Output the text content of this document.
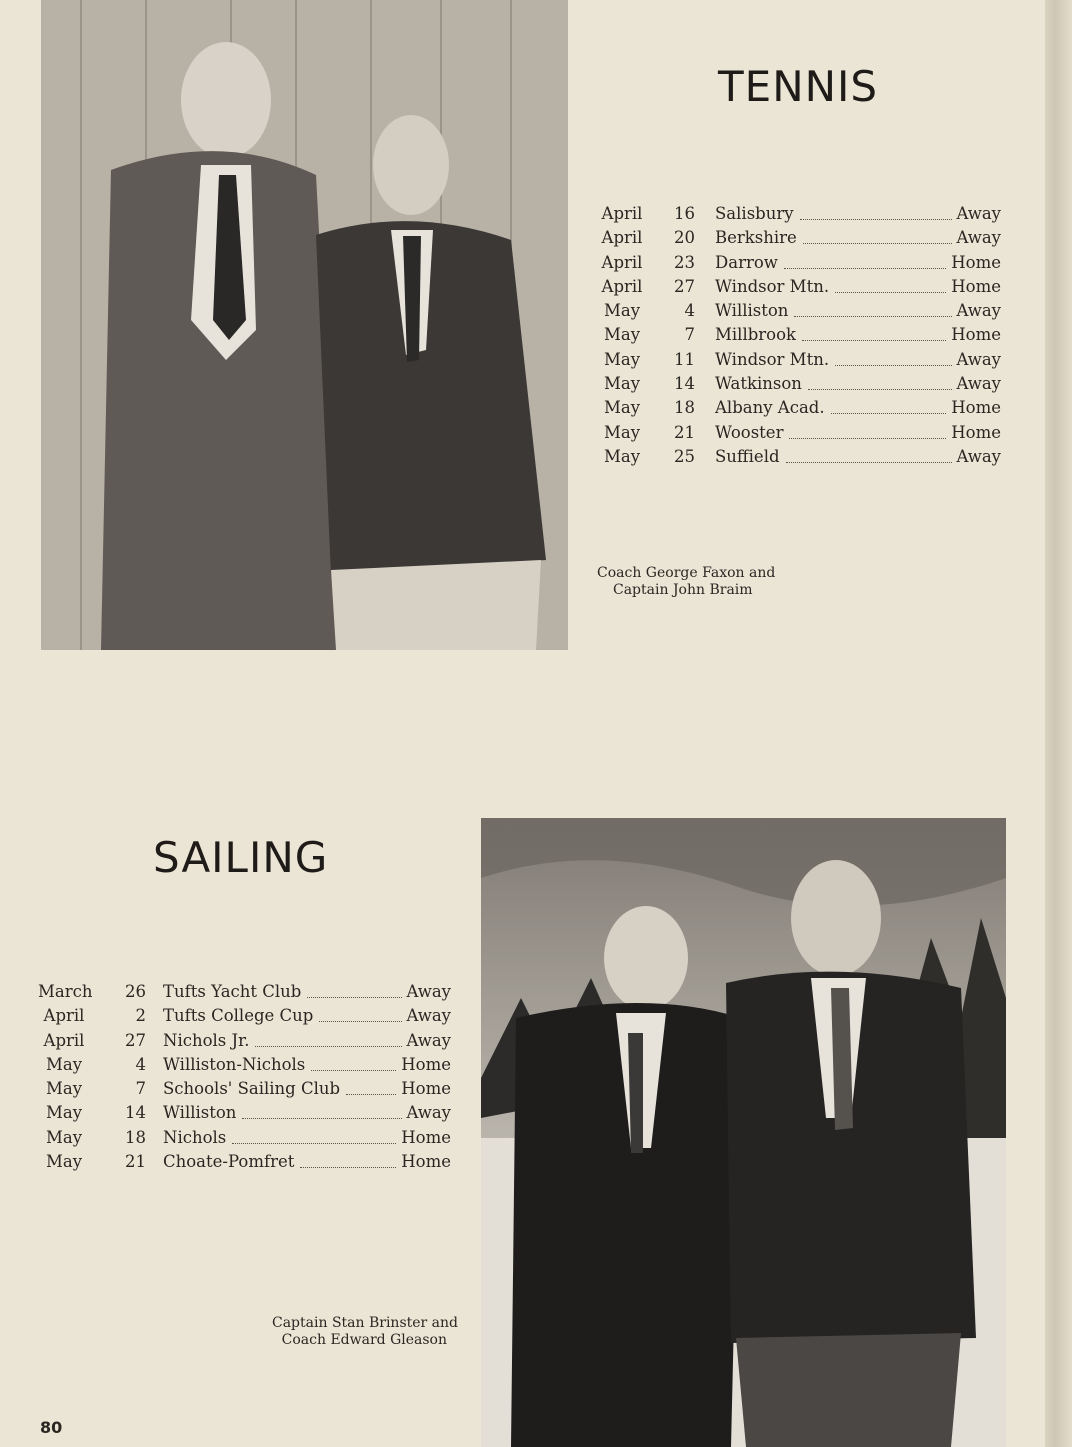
TENNIS
April	16 Salisbury	Away
April	20 Berkshire	Away
April	23 Darrow	Home
April	27 Windsor Mtn.	Home
May	4 Williston	Away
May	7 Millbrook	Home
May	11 Windsor Mtn.	Away
May	14 Watkinson	Away
May	18 Albany Acad.	Home
May	21 Wooster	Home
May	25 Suffield	Away
Coach George Faxon and
Captain John Braim
SAILING
March	26 Tufts Yacht Club	Away
April	2 Tufts College Cup	Away
April	27 Nichols Jr.	Away
May	4 Williston-Nichols	Home
May	7 Schools' Sailing Club	Home
May	14 Williston	Away
May	18 Nichols	Home
May	21 Choate-Pomfret	Home
Captain Stan Brinster and
Coach Edward Gleason
80
